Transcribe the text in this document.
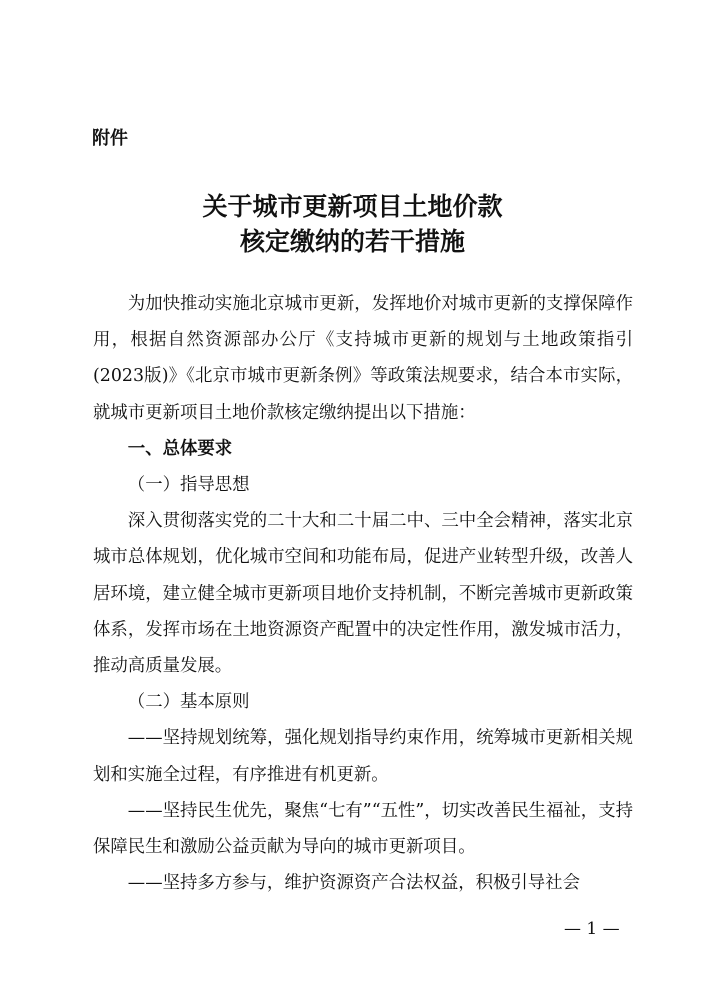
附件
关于城市更新项目土地价款
核定缴纳的若干措施

为加快推动实施北京城市更新，发挥地价对城市更新的支撑保障作用，根据自然资源部办公厅《支持城市更新的规划与土地政策指引(2023版)》《北京市城市更新条例》等政策法规要求，结合本市实际，就城市更新项目土地价款核定缴纳提出以下措施：

一、总体要求
（一）指导思想

深入贯彻落实党的二十大和二十届二中、三中全会精神，落实北京城市总体规划，优化城市空间和功能布局，促进产业转型升级，改善人居环境，建立健全城市更新项目地价支持机制，不断完善城市更新政策体系，发挥市场在土地资源资产配置中的决定性作用，激发城市活力，推动高质量发展。

（二）基本原则

——坚持规划统筹，强化规划指导约束作用，统筹城市更新相关规划和实施全过程，有序推进有机更新。

——坚持民生优先，聚焦“七有”“五性”，切实改善民生福祉，支持保障民生和激励公益贡献为导向的城市更新项目。

——坚持多方参与，维护资源资产合法权益，积极引导社会

— 1 —
